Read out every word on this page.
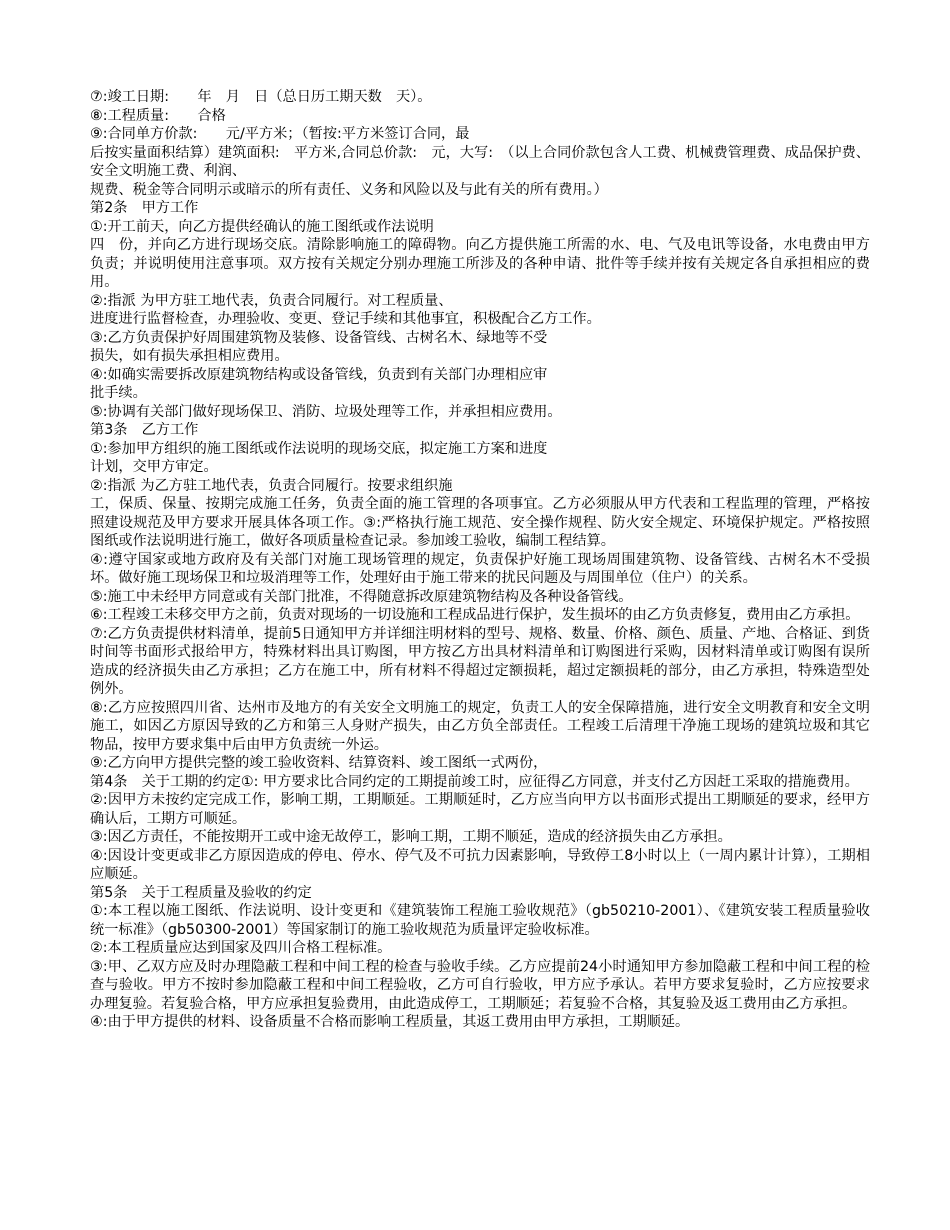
⑦:竣工日期:　　年　月　日（总日历工期天数　天）。
⑧:工程质量:　　合格
⑨:合同单方价款:　　元/平方米；（暂按:平方米签订合同，最
后按实量面积结算）建筑面积:　平方米,合同总价款:　元，大写:　（以上合同价款包含人工费、机械费管理费、成品保护费、安全文明施工费、利润、
规费、税金等合同明示或暗示的所有责任、义务和风险以及与此有关的所有费用。）
第2条　甲方工作
①:开工前天，向乙方提供经确认的施工图纸或作法说明
四　份，并向乙方进行现场交底。清除影响施工的障碍物。向乙方提供施工所需的水、电、气及电讯等设备，水电费由甲方负责；并说明使用注意事项。双方按有关规定分别办理施工所涉及的各种申请、批件等手续并按有关规定各自承担相应的费用。
②:指派 为甲方驻工地代表，负责合同履行。对工程质量、
进度进行监督检查，办理验收、变更、登记手续和其他事宜，积极配合乙方工作。
③:乙方负责保护好周围建筑物及装修、设备管线、古树名木、绿地等不受
损失，如有损失承担相应费用。
④:如确实需要拆改原建筑物结构或设备管线，负责到有关部门办理相应审
批手续。
⑤:协调有关部门做好现场保卫、消防、垃圾处理等工作，并承担相应费用。
第3条　乙方工作
①:参加甲方组织的施工图纸或作法说明的现场交底，拟定施工方案和进度
计划，交甲方审定。
②:指派 为乙方驻工地代表，负责合同履行。按要求组织施
工，保质、保量、按期完成施工任务，负责全面的施工管理的各项事宜。乙方必须服从甲方代表和工程监理的管理，严格按照建设规范及甲方要求开展具体各项工作。③:严格执行施工规范、安全操作规程、防火安全规定、环境保护规定。严格按照图纸或作法说明进行施工，做好各项质量检查记录。参加竣工验收，编制工程结算。
④:遵守国家或地方政府及有关部门对施工现场管理的规定，负责保护好施工现场周围建筑物、设备管线、古树名木不受损坏。做好施工现场保卫和垃圾消理等工作，处理好由于施工带来的扰民问题及与周围单位（住户）的关系。
⑤:施工中未经甲方同意或有关部门批准，不得随意拆改原建筑物结构及各种设备管线。
⑥:工程竣工未移交甲方之前，负责对现场的一切设施和工程成品进行保护，发生损坏的由乙方负责修复，费用由乙方承担。
⑦:乙方负责提供材料清单，提前5日通知甲方并详细注明材料的型号、规格、数量、价格、颜色、质量、产地、合格证、到货时间等书面形式报给甲方，特殊材料出具订购图，甲方按乙方出具材料清单和订购图进行采购，因材料清单或订购图有误所造成的经济损失由乙方承担；乙方在施工中，所有材料不得超过定额损耗，超过定额损耗的部分，由乙方承担，特殊造型处例外。
⑧:乙方应按照四川省、达州市及地方的有关安全文明施工的规定，负责工人的安全保障措施，进行安全文明教育和安全文明施工，如因乙方原因导致的乙方和第三人身财产损失，由乙方负全部责任。工程竣工后清理干净施工现场的建筑垃圾和其它物品，按甲方要求集中后由甲方负责统一外运。
⑨:乙方向甲方提供完整的竣工验收资料、结算资料、竣工图纸一式两份，
第4条　关于工期的约定①: 甲方要求比合同约定的工期提前竣工时，应征得乙方同意，并支付乙方因赶工采取的措施费用。
②:因甲方未按约定完成工作，影响工期，工期顺延。工期顺延时，乙方应当向甲方以书面形式提出工期顺延的要求，经甲方确认后，工期方可顺延。
③:因乙方责任，不能按期开工或中途无故停工，影响工期，工期不顺延，造成的经济损失由乙方承担。
④:因设计变更或非乙方原因造成的停电、停水、停气及不可抗力因素影响，导致停工8小时以上（一周内累计计算），工期相应顺延。
第5条　关于工程质量及验收的约定
①:本工程以施工图纸、作法说明、设计变更和《建筑装饰工程施工验收规范》（gb50210-2001）、《建筑安装工程质量验收统一标准》（gb50300-2001）等国家制订的施工验收规范为质量评定验收标准。
②:本工程质量应达到国家及四川合格工程标准。
③:甲、乙双方应及时办理隐蔽工程和中间工程的检查与验收手续。乙方应提前24小时通知甲方参加隐蔽工程和中间工程的检查与验收。甲方不按时参加隐蔽工程和中间工程验收，乙方可自行验收，甲方应予承认。若甲方要求复验时，乙方应按要求办理复验。若复验合格，甲方应承担复验费用，由此造成停工，工期顺延；若复验不合格，其复验及返工费用由乙方承担。
④:由于甲方提供的材料、设备质量不合格而影响工程质量，其返工费用由甲方承担，工期顺延。
